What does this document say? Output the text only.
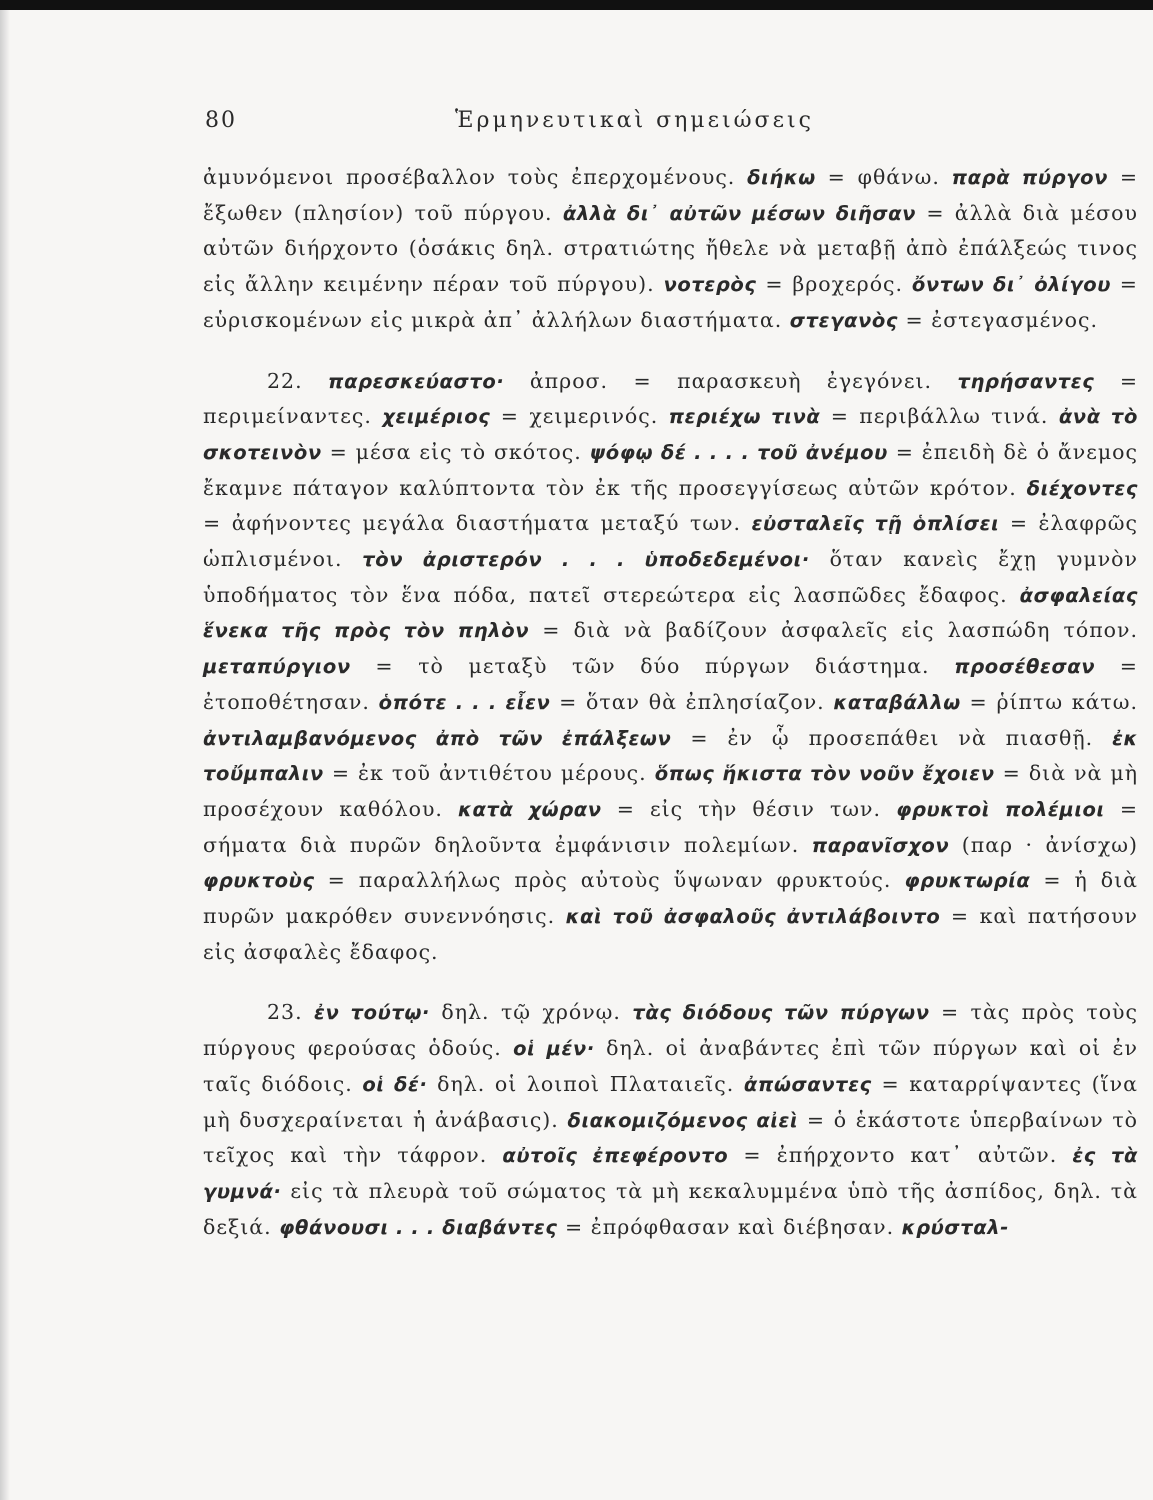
80	Ἑρμηνευτικαὶ σημειώσεις

ἀμυνόμενοι προσέβαλλον τοὺς ἐπερχομένους. διήκω = φθάνω. παρὰ πύργον = ἔξωθεν (πλησίον) τοῦ πύργου. ἀλλὰ δι᾽ αὐτῶν μέσων διῆσαν = ἀλλὰ διὰ μέσου αὐτῶν διήρχοντο (ὁσάκις δηλ. στρατιώτης ἤθελε νὰ μεταβῇ ἀπὸ ἐπάλξεώς τινος εἰς ἄλλην κειμένην πέραν τοῦ πύργου). νοτερὸς = βροχερός. ὄντων δι᾽ ὀλίγου = εὑρισκομένων εἰς μικρὰ ἀπ᾽ ἀλλήλων διαστήματα. στεγανὸς = ἐστεγασμένος.

22. παρεσκεύαστο· ἀπροσ. = παρασκευὴ ἐγεγόνει. τηρήσαντες = περιμείναντες. χειμέριος = χειμερινός. περιέχω τινὰ = περιβάλλω τινά. ἀνὰ τὸ σκοτεινὸν = μέσα εἰς τὸ σκότος. ψόφῳ δέ . . . . τοῦ ἀνέμου = ἐπειδὴ δὲ ὁ ἄνεμος ἔκαμνε πάταγον καλύπτοντα τὸν ἐκ τῆς προσεγγίσεως αὐτῶν κρότον. διέχοντες = ἀφήνοντες μεγάλα διαστήματα μεταξύ των. εὐσταλεῖς τῇ ὁπλίσει = ἐλαφρῶς ὡπλισμένοι. τὸν ἀριστερόν . . . ὑποδεδεμένοι· ὅταν κανεὶς ἔχῃ γυμνὸν ὑποδήματος τὸν ἕνα πόδα, πατεῖ στερεώτερα εἰς λασπῶδες ἔδαφος. ἀσφαλείας ἕνεκα τῆς πρὸς τὸν πηλὸν = διὰ νὰ βαδίζουν ἀσφαλεῖς εἰς λασπώδη τόπον. μεταπύργιον = τὸ μεταξὺ τῶν δύο πύργων διάστημα. προσέθεσαν = ἐτοποθέτησαν. ὁπότε . . . εἶεν = ὅταν θὰ ἐπλησίαζον. καταβάλλω = ῥίπτω κάτω. ἀντιλαμβανόμενος ἀπὸ τῶν ἐπάλξεων = ἐν ᾧ προσεπάθει νὰ πιασθῇ. ἐκ τοὔμπαλιν = ἐκ τοῦ ἀντιθέτου μέρους. ὅπως ἥκιστα τὸν νοῦν ἔχοιεν = διὰ νὰ μὴ προσέχουν καθόλου. κατὰ χώραν = εἰς τὴν θέσιν των. φρυκτοὶ πολέμιοι = σήματα διὰ πυρῶν δηλοῦντα ἐμφάνισιν πολεμίων. παρανῖσχον (παρ · ἀνίσχω) φρυκτοὺς = παραλλήλως πρὸς αὐτοὺς ὕψωναν φρυκτούς. φρυκτωρία = ἡ διὰ πυρῶν μακρόθεν συνεννόησις. καὶ τοῦ ἀσφαλοῦς ἀντιλάβοιντο = καὶ πατήσουν εἰς ἀσφαλὲς ἔδαφος.

23. ἐν τούτῳ· δηλ. τῷ χρόνῳ. τὰς διόδους τῶν πύργων = τὰς πρὸς τοὺς πύργους φερούσας ὁδούς. οἱ μέν· δηλ. οἱ ἀναβάντες ἐπὶ τῶν πύργων καὶ οἱ ἐν ταῖς διόδοις. οἱ δέ· δηλ. οἱ λοιποὶ Πλαταιεῖς. ἀπώσαντες = καταρρίψαντες (ἵνα μὴ δυσχεραίνεται ἡ ἀνάβασις). διακομιζόμενος αἰεὶ = ὁ ἑκάστοτε ὑπερβαίνων τὸ τεῖχος καὶ τὴν τάφρον. αὐτοῖς ἐπεφέροντο = ἐπήρχοντο κατ᾽ αὐτῶν. ἐς τὰ γυμνά· εἰς τὰ πλευρὰ τοῦ σώματος τὰ μὴ κεκαλυμμένα ὑπὸ τῆς ἀσπίδος, δηλ. τὰ δεξιά. φθάνουσι . . . διαβάντες = ἐπρόφθασαν καὶ διέβησαν. κρύσταλ-
